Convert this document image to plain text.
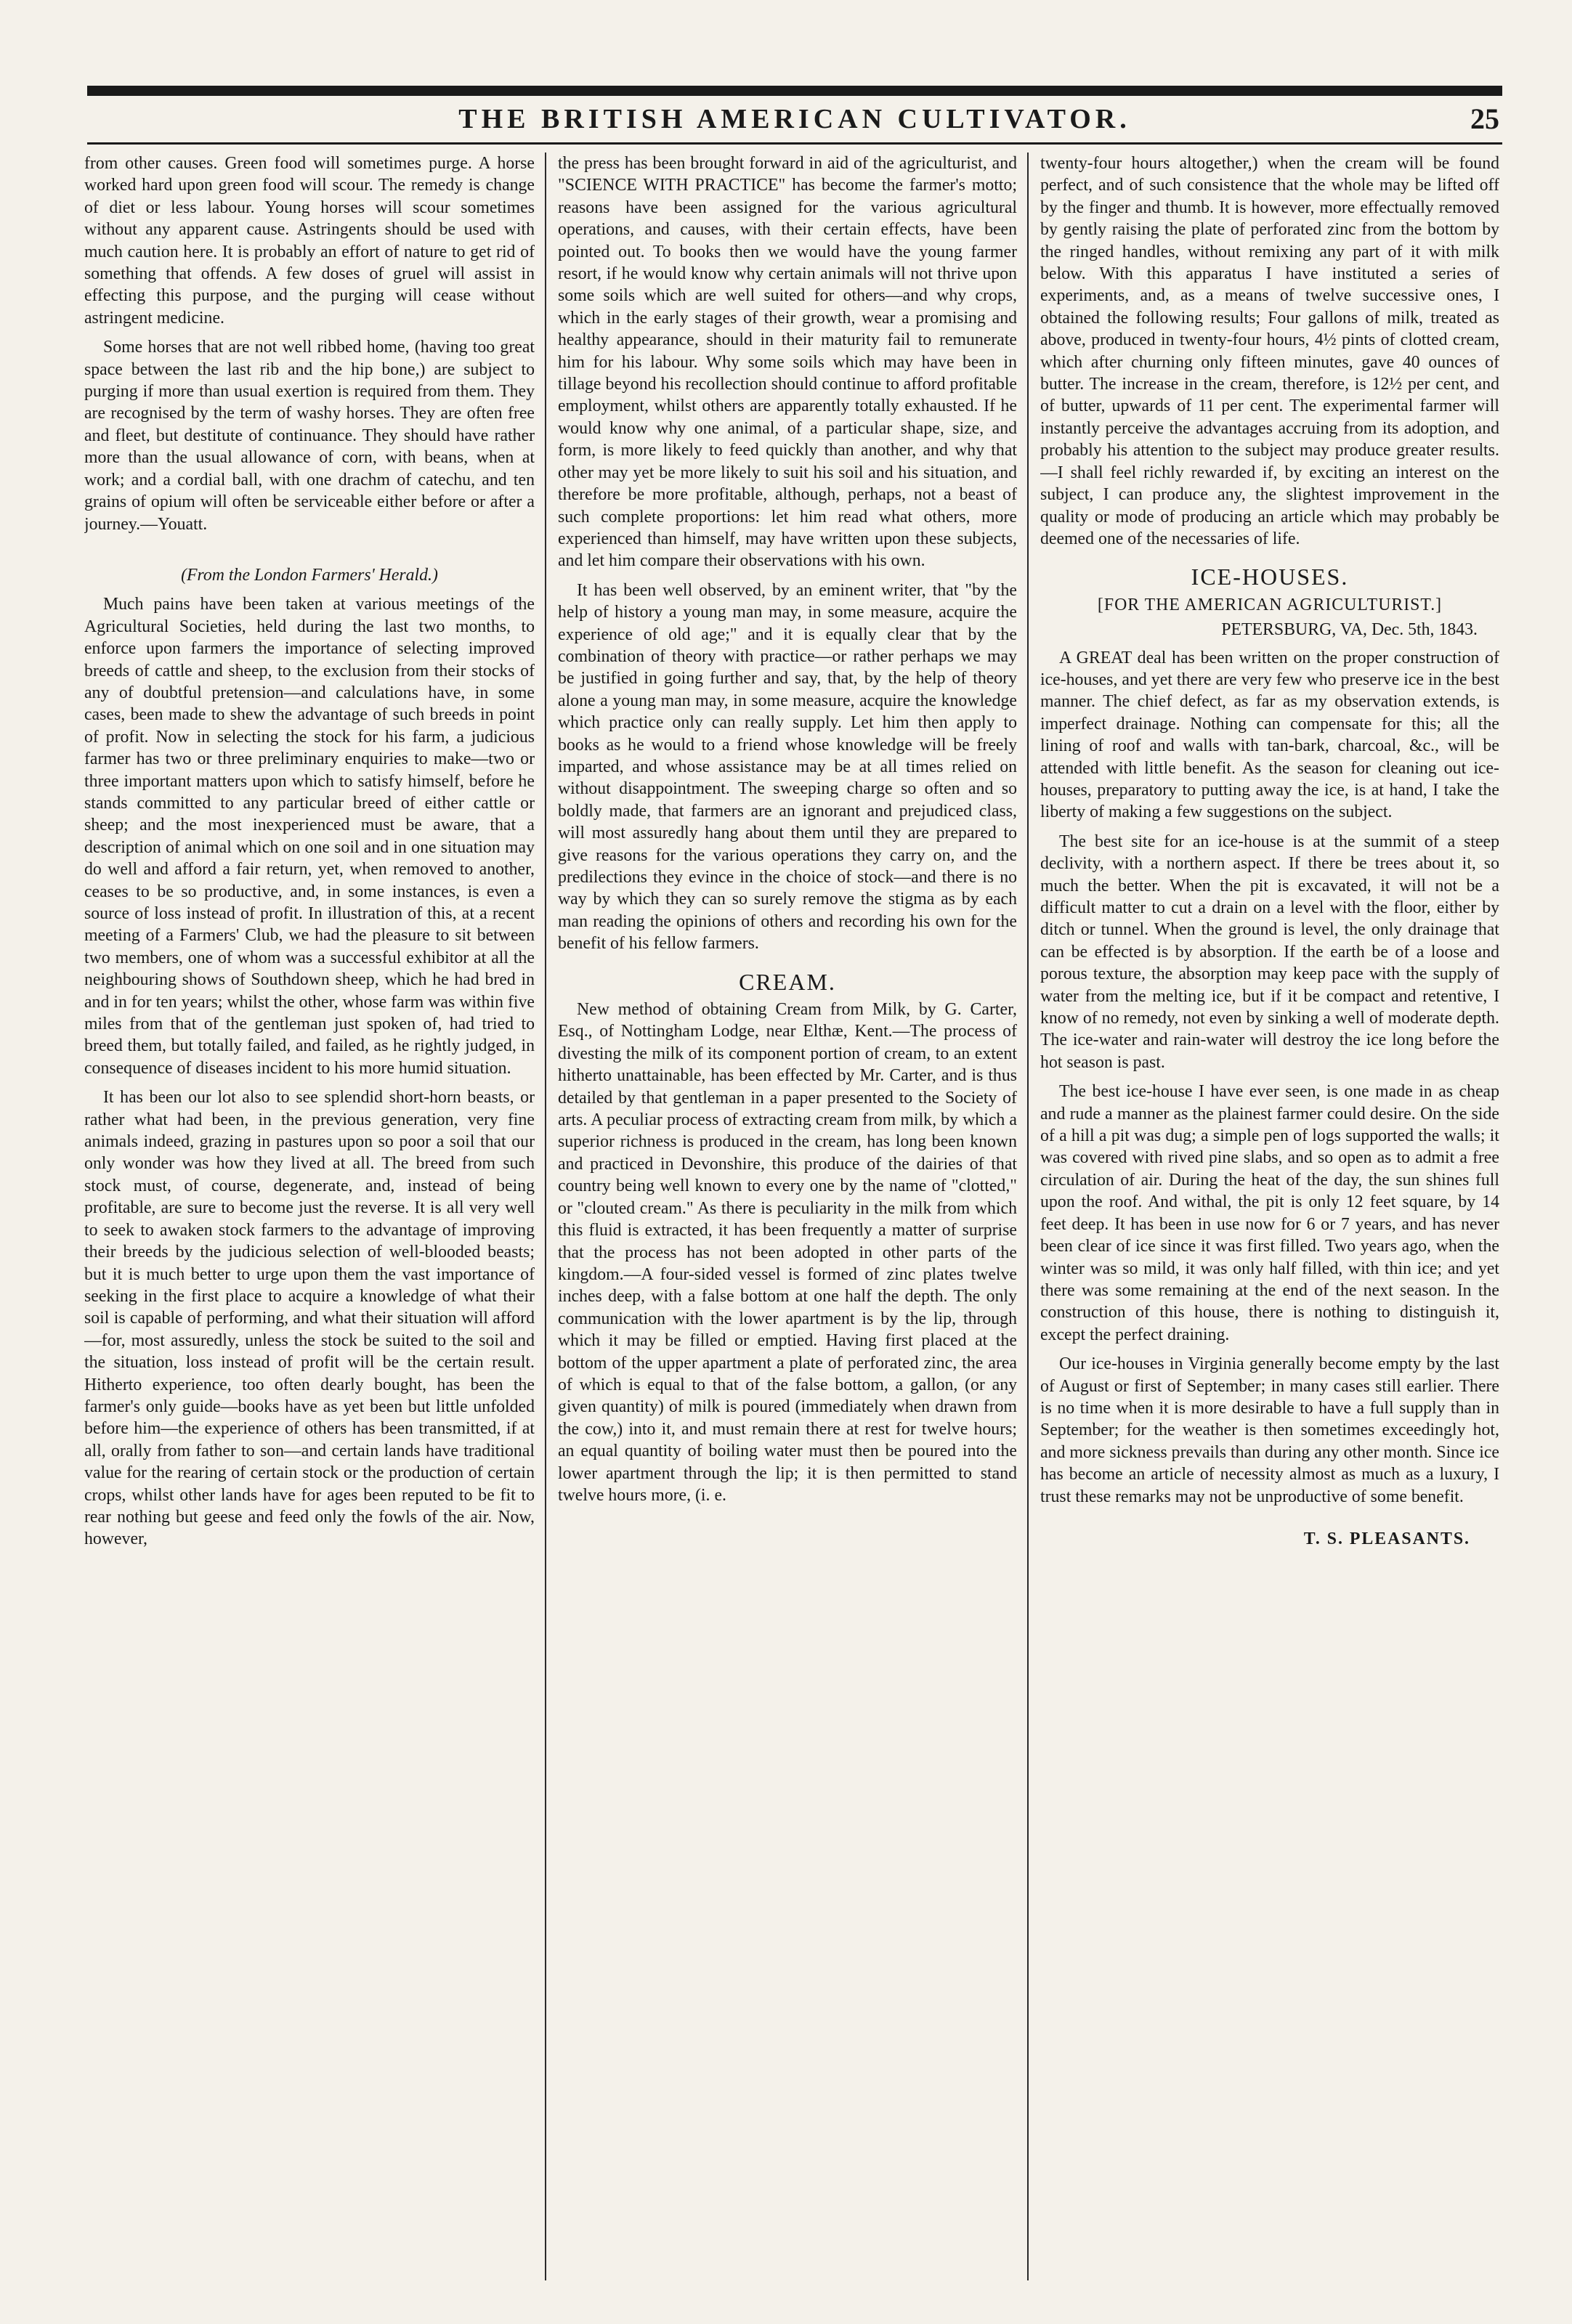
THE BRITISH AMERICAN CULTIVATOR.	25

from other causes. Green food will sometimes purge. A horse worked hard upon green food will scour. The remedy is change of diet or less labour. Young horses will scour sometimes without any apparent cause. Astringents should be used with much caution here. It is probably an effort of nature to get rid of something that offends. A few doses of gruel will assist in effecting this purpose, and the purging will cease without astringent medicine.

Some horses that are not well ribbed home, (having too great space between the last rib and the hip bone,) are subject to purging if more than usual exertion is required from them. They are recognised by the term of washy horses. They are often free and fleet, but destitute of continuance. They should have rather more than the usual allowance of corn, with beans, when at work; and a cordial ball, with one drachm of catechu, and ten grains of opium will often be serviceable either before or after a journey.—Youatt.

(From the London Farmers' Herald.)

Much pains have been taken at various meetings of the Agricultural Societies, held during the last two months, to enforce upon farmers the importance of selecting improved breeds of cattle and sheep, to the exclusion from their stocks of any of doubtful pretension—and calculations have, in some cases, been made to shew the advantage of such breeds in point of profit. Now in selecting the stock for his farm, a judicious farmer has two or three preliminary enquiries to make—two or three important matters upon which to satisfy himself, before he stands committed to any particular breed of either cattle or sheep; and the most inexperienced must be aware, that a description of animal which on one soil and in one situation may do well and afford a fair return, yet, when removed to another, ceases to be so productive, and, in some instances, is even a source of loss instead of profit. In illustration of this, at a recent meeting of a Farmers' Club, we had the pleasure to sit between two members, one of whom was a successful exhibitor at all the neighbouring shows of Southdown sheep, which he had bred in and in for ten years; whilst the other, whose farm was within five miles from that of the gentleman just spoken of, had tried to breed them, but totally failed, and failed, as he rightly judged, in consequence of diseases incident to his more humid situation.

It has been our lot also to see splendid short-horn beasts, or rather what had been, in the previous generation, very fine animals indeed, grazing in pastures upon so poor a soil that our only wonder was how they lived at all. The breed from such stock must, of course, degenerate, and, instead of being profitable, are sure to become just the reverse. It is all very well to seek to awaken stock farmers to the advantage of improving their breeds by the judicious selection of well-blooded beasts; but it is much better to urge upon them the vast importance of seeking in the first place to acquire a knowledge of what their soil is capable of performing, and what their situation will afford—for, most assuredly, unless the stock be suited to the soil and the situation, loss instead of profit will be the certain result. Hitherto experience, too often dearly bought, has been the farmer's only guide—books have as yet been but little unfolded before him—the experience of others has been transmitted, if at all, orally from father to son—and certain lands have traditional value for the rearing of certain stock or the production of certain crops, whilst other lands have for ages been reputed to be fit to rear nothing but geese and feed only the fowls of the air. Now, however,

the press has been brought forward in aid of the agriculturist, and "SCIENCE WITH PRACTICE" has become the farmer's motto; reasons have been assigned for the various agricultural operations, and causes, with their certain effects, have been pointed out. To books then we would have the young farmer resort, if he would know why certain animals will not thrive upon some soils which are well suited for others—and why crops, which in the early stages of their growth, wear a promising and healthy appearance, should in their maturity fail to remunerate him for his labour. Why some soils which may have been in tillage beyond his recollection should continue to afford profitable employment, whilst others are apparently totally exhausted. If he would know why one animal, of a particular shape, size, and form, is more likely to feed quickly than another, and why that other may yet be more likely to suit his soil and his situation, and therefore be more profitable, although, perhaps, not a beast of such complete proportions: let him read what others, more experienced than himself, may have written upon these subjects, and let him compare their observations with his own.

It has been well observed, by an eminent writer, that "by the help of history a young man may, in some measure, acquire the experience of old age;" and it is equally clear that by the combination of theory with practice—or rather perhaps we may be justified in going further and say, that, by the help of theory alone a young man may, in some measure, acquire the knowledge which practice only can really supply. Let him then apply to books as he would to a friend whose knowledge will be freely imparted, and whose assistance may be at all times relied on without disappointment. The sweeping charge so often and so boldly made, that farmers are an ignorant and prejudiced class, will most assuredly hang about them until they are prepared to give reasons for the various operations they carry on, and the predilections they evince in the choice of stock—and there is no way by which they can so surely remove the stigma as by each man reading the opinions of others and recording his own for the benefit of his fellow farmers.

CREAM.

New method of obtaining Cream from Milk, by G. Carter, Esq., of Nottingham Lodge, near Elthæ, Kent.—The process of divesting the milk of its component portion of cream, to an extent hitherto unattainable, has been effected by Mr. Carter, and is thus detailed by that gentleman in a paper presented to the Society of arts. A peculiar process of extracting cream from milk, by which a superior richness is produced in the cream, has long been known and practiced in Devonshire, this produce of the dairies of that country being well known to every one by the name of "clotted," or "clouted cream." As there is peculiarity in the milk from which this fluid is extracted, it has been frequently a matter of surprise that the process has not been adopted in other parts of the kingdom.—A four-sided vessel is formed of zinc plates twelve inches deep, with a false bottom at one half the depth. The only communication with the lower apartment is by the lip, through which it may be filled or emptied. Having first placed at the bottom of the upper apartment a plate of perforated zinc, the area of which is equal to that of the false bottom, a gallon, (or any given quantity) of milk is poured (immediately when drawn from the cow,) into it, and must remain there at rest for twelve hours; an equal quantity of boiling water must then be poured into the lower apartment through the lip; it is then permitted to stand twelve hours more, (i. e.

twenty-four hours altogether,) when the cream will be found perfect, and of such consistence that the whole may be lifted off by the finger and thumb. It is however, more effectually removed by gently raising the plate of perforated zinc from the bottom by the ringed handles, without remixing any part of it with milk below. With this apparatus I have instituted a series of experiments, and, as a means of twelve successive ones, I obtained the following results; Four gallons of milk, treated as above, produced in twenty-four hours, 4½ pints of clotted cream, which after churning only fifteen minutes, gave 40 ounces of butter. The increase in the cream, therefore, is 12½ per cent, and of butter, upwards of 11 per cent. The experimental farmer will instantly perceive the advantages accruing from its adoption, and probably his attention to the subject may produce greater results.—I shall feel richly rewarded if, by exciting an interest on the subject, I can produce any, the slightest improvement in the quality or mode of producing an article which may probably be deemed one of the necessaries of life.

ICE-HOUSES.
[FOR THE AMERICAN AGRICULTURIST.]
PETERSBURG, VA, Dec. 5th, 1843.

A GREAT deal has been written on the proper construction of ice-houses, and yet there are very few who preserve ice in the best manner. The chief defect, as far as my observation extends, is imperfect drainage. Nothing can compensate for this; all the lining of roof and walls with tan-bark, charcoal, &c., will be attended with little benefit. As the season for cleaning out ice-houses, preparatory to putting away the ice, is at hand, I take the liberty of making a few suggestions on the subject.

The best site for an ice-house is at the summit of a steep declivity, with a northern aspect. If there be trees about it, so much the better. When the pit is excavated, it will not be a difficult matter to cut a drain on a level with the floor, either by ditch or tunnel. When the ground is level, the only drainage that can be effected is by absorption. If the earth be of a loose and porous texture, the absorption may keep pace with the supply of water from the melting ice, but if it be compact and retentive, I know of no remedy, not even by sinking a well of moderate depth. The ice-water and rain-water will destroy the ice long before the hot season is past.

The best ice-house I have ever seen, is one made in as cheap and rude a manner as the plainest farmer could desire. On the side of a hill a pit was dug; a simple pen of logs supported the walls; it was covered with rived pine slabs, and so open as to admit a free circulation of air. During the heat of the day, the sun shines full upon the roof. And withal, the pit is only 12 feet square, by 14 feet deep. It has been in use now for 6 or 7 years, and has never been clear of ice since it was first filled. Two years ago, when the winter was so mild, it was only half filled, with thin ice; and yet there was some remaining at the end of the next season. In the construction of this house, there is nothing to distinguish it, except the perfect draining.

Our ice-houses in Virginia generally become empty by the last of August or first of September; in many cases still earlier. There is no time when it is more desirable to have a full supply than in September; for the weather is then sometimes exceedingly hot, and more sickness prevails than during any other month. Since ice has become an article of necessity almost as much as a luxury, I trust these remarks may not be unproductive of some benefit.

T. S. PLEASANTS.
